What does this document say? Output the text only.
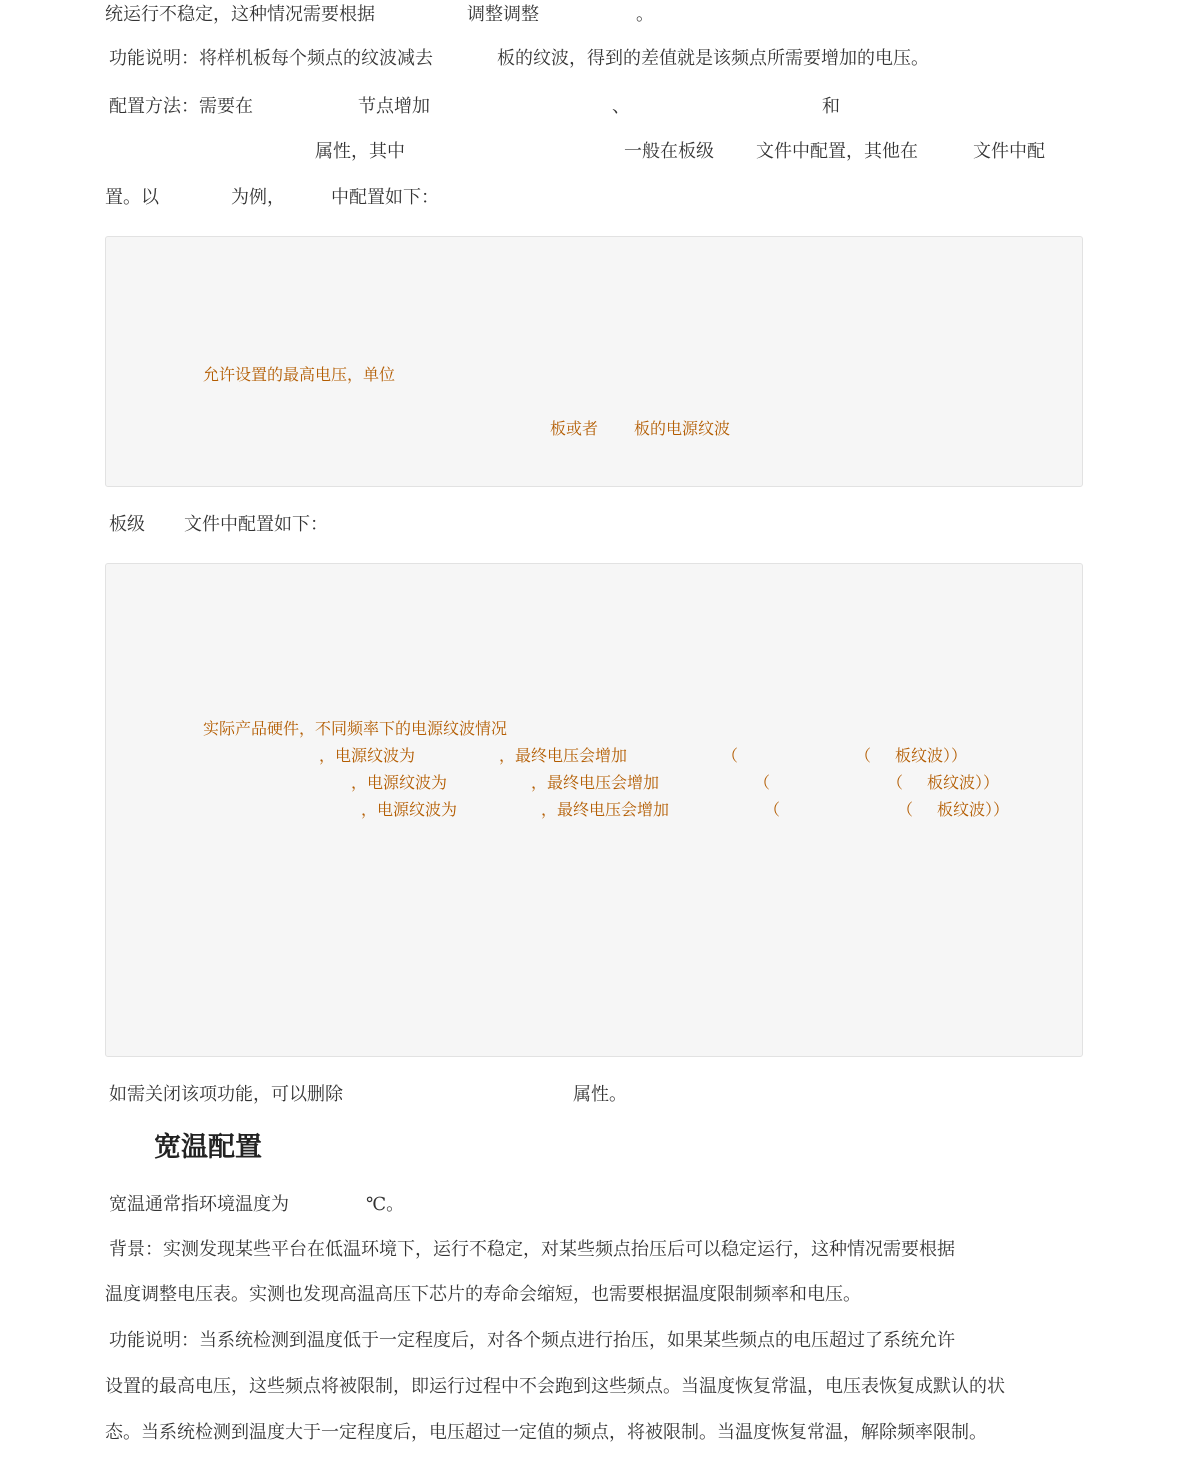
统运行不稳定，这种情况需要根据	调整调整	。
功能说明：将样机板每个频点的纹波减去	板的纹波，得到的差值就是该频点所需要增加的电压。
配置方法：需要在	节点增加	、	和
属性，其中	一般在板级 文件中配置，其他在	文件中配
置。以	为例，	中配置如下：
允许设置的最高电压，单位
板或者 板的电源纹波
板级 文件中配置如下：
实际产品硬件，不同频率下的电源纹波情况
，电源纹波为	，最终电压会增加	（	（ 板纹波））
，电源纹波为	，最终电压会增加	（	（ 板纹波））
，电源纹波为	，最终电压会增加	（	（ 板纹波））
如需关闭该项功能，可以删除	属性。
宽温配置
宽温通常指环境温度为	℃。
背景：实测发现某些平台在低温环境下，运行不稳定，对某些频点抬压后可以稳定运行，这种情况需要根据
温度调整电压表。实测也发现高温高压下芯片的寿命会缩短，也需要根据温度限制频率和电压。
功能说明：当系统检测到温度低于一定程度后，对各个频点进行抬压，如果某些频点的电压超过了系统允许
设置的最高电压，这些频点将被限制，即运行过程中不会跑到这些频点。当温度恢复常温，电压表恢复成默认的状
态。当系统检测到温度大于一定程度后，电压超过一定值的频点，将被限制。当温度恢复常温，解除频率限制。
